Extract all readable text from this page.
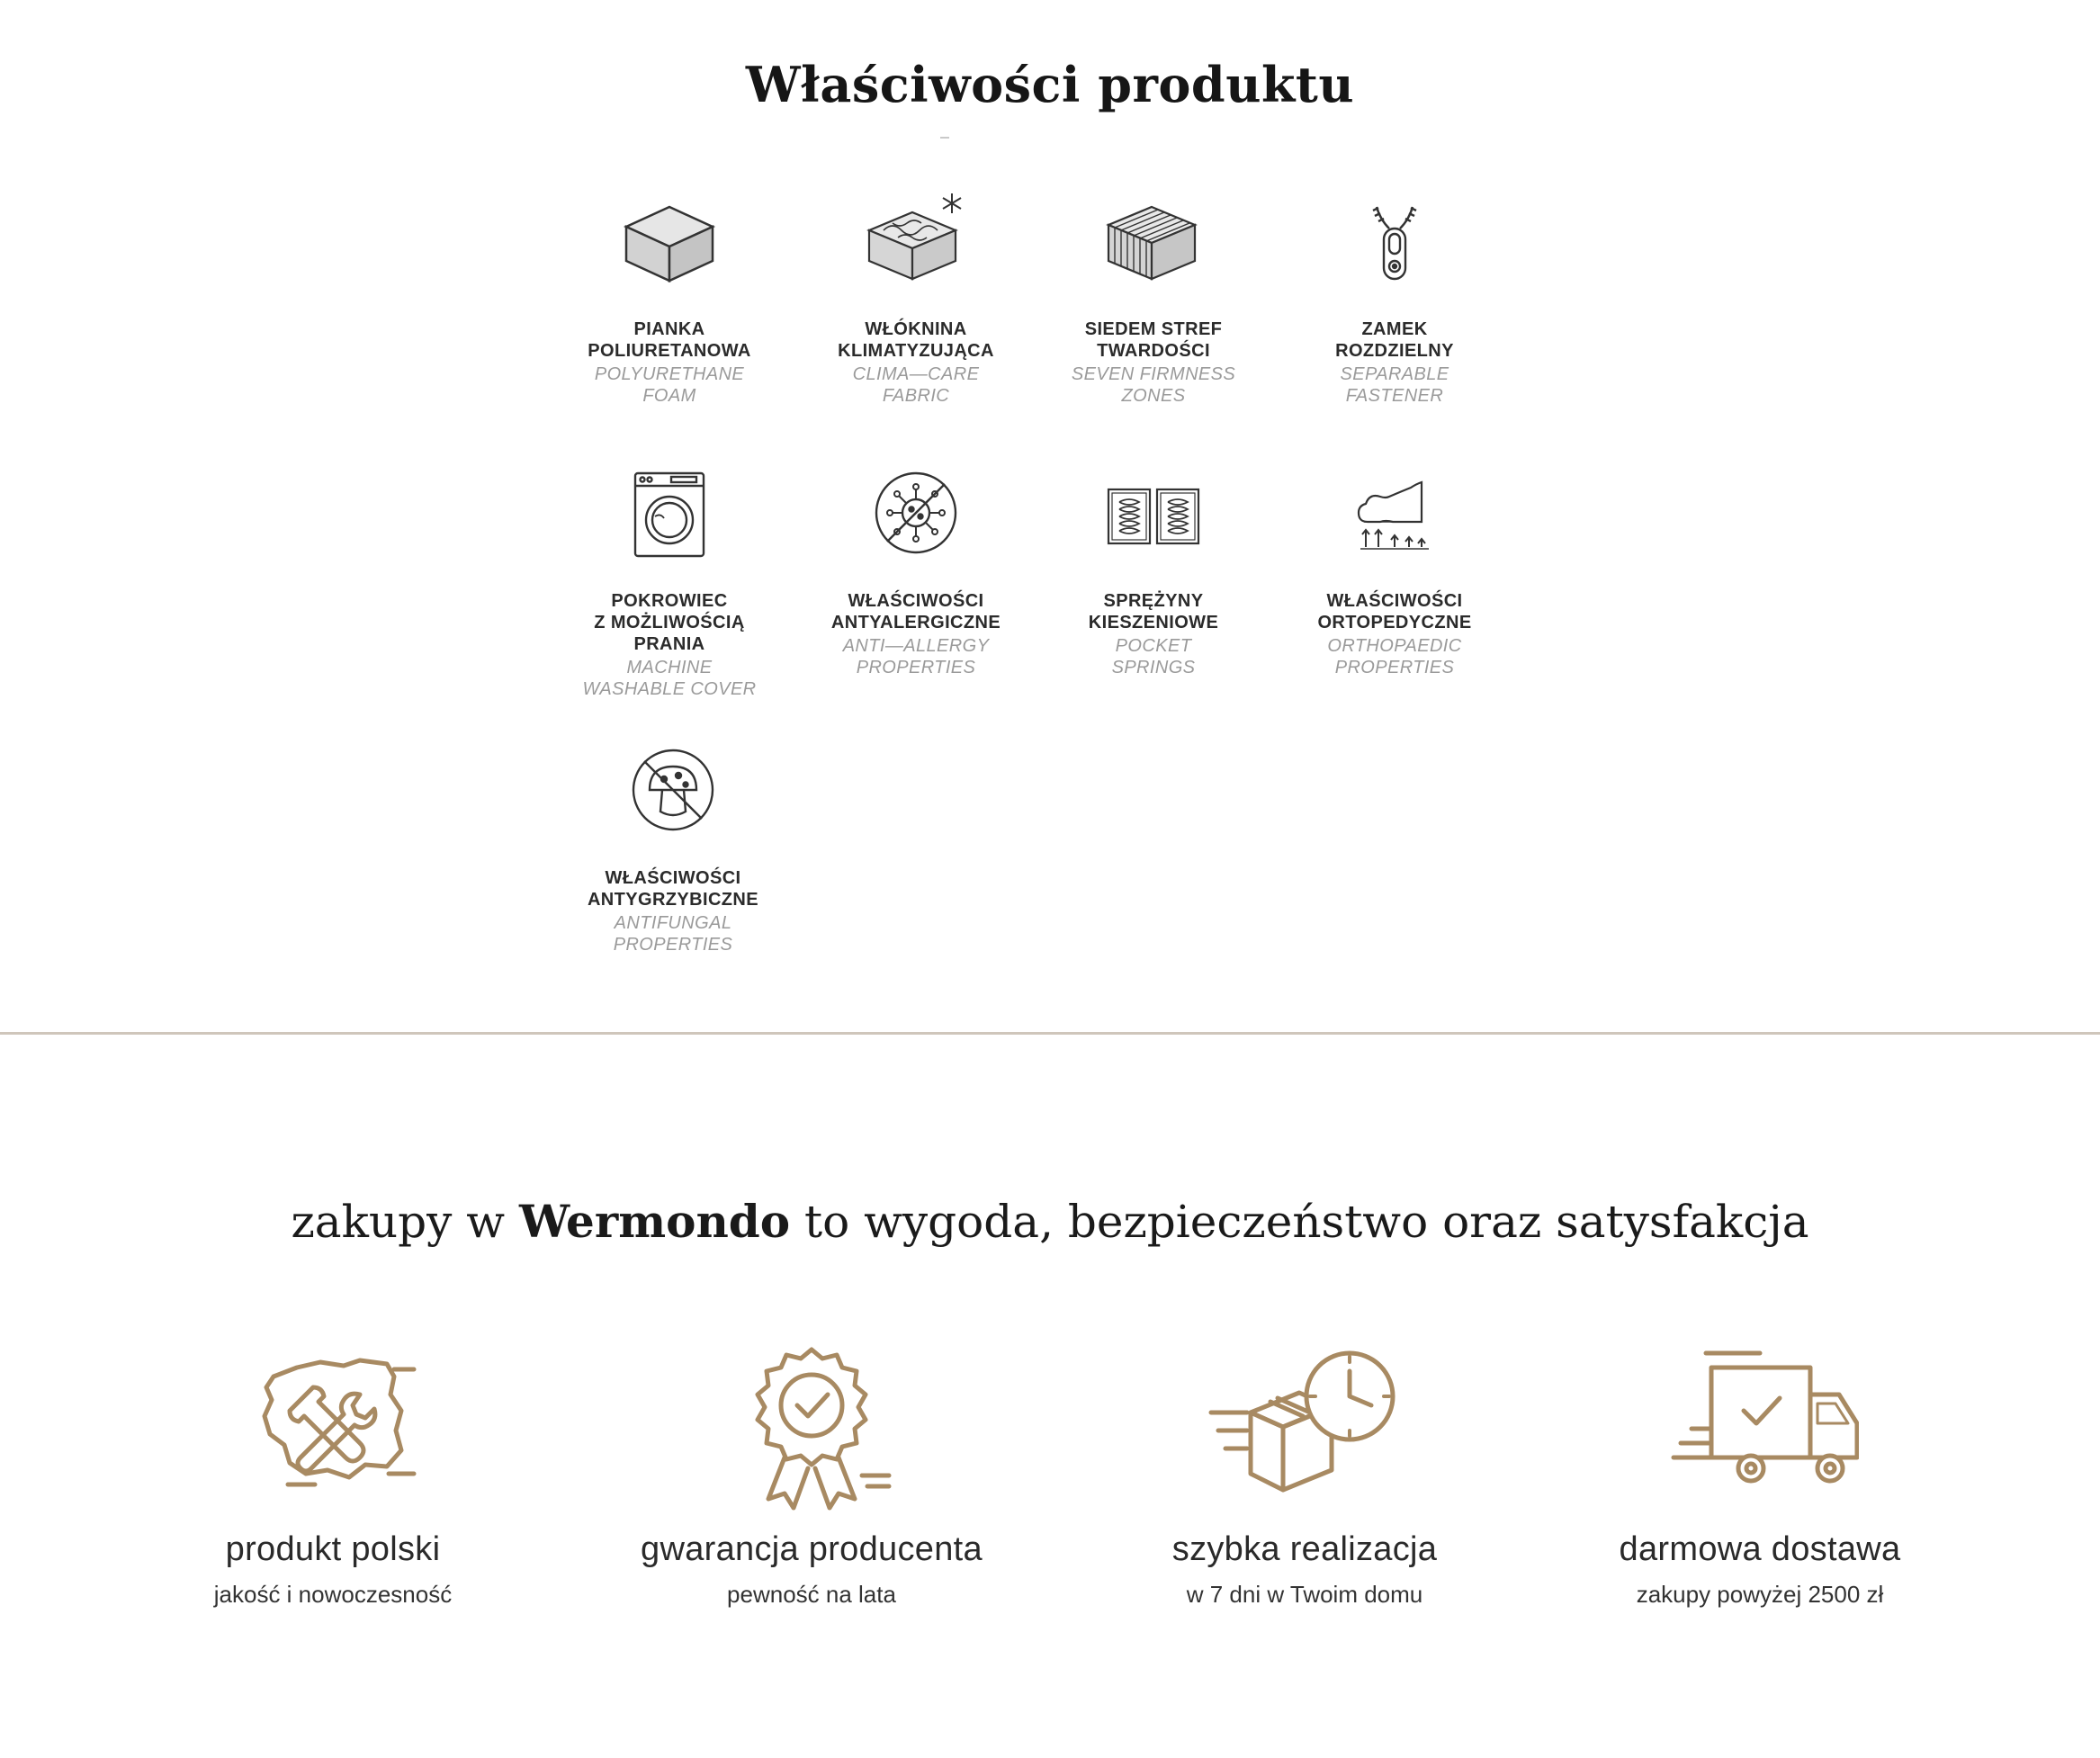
Właściwości produktu
PIANKA
POLIURETANOWA
POLYURETHANE
FOAM
WŁÓKNINA
KLIMATYZUJĄCA
CLIMA—CARE
FABRIC
SIEDEM STREF
TWARDOŚCI
SEVEN FIRMNESS
ZONES
ZAMEK
ROZDZIELNY
SEPARABLE
FASTENER
POKROWIEC
Z MOŻLIWOŚCIĄ
PRANIA
MACHINE
WASHABLE COVER
WŁAŚCIWOŚCI
ANTYALERGICZNE
ANTI—ALLERGY
PROPERTIES
SPRĘŻYNY
KIESZENIOWE
POCKET
SPRINGS
WŁAŚCIWOŚCI
ORTOPEDYCZNE
ORTHOPAEDIC
PROPERTIES
WŁAŚCIWOŚCI
ANTYGRZYBICZNE
ANTIFUNGAL
PROPERTIES
zakupy w Wermondo to wygoda, bezpieczeństwo oraz satysfakcja
produkt polski
jakość i nowoczesność
gwarancja producenta
pewność na lata
szybka realizacja
w 7 dni w Twoim domu
darmowa dostawa
zakupy powyżej 2500 zł
